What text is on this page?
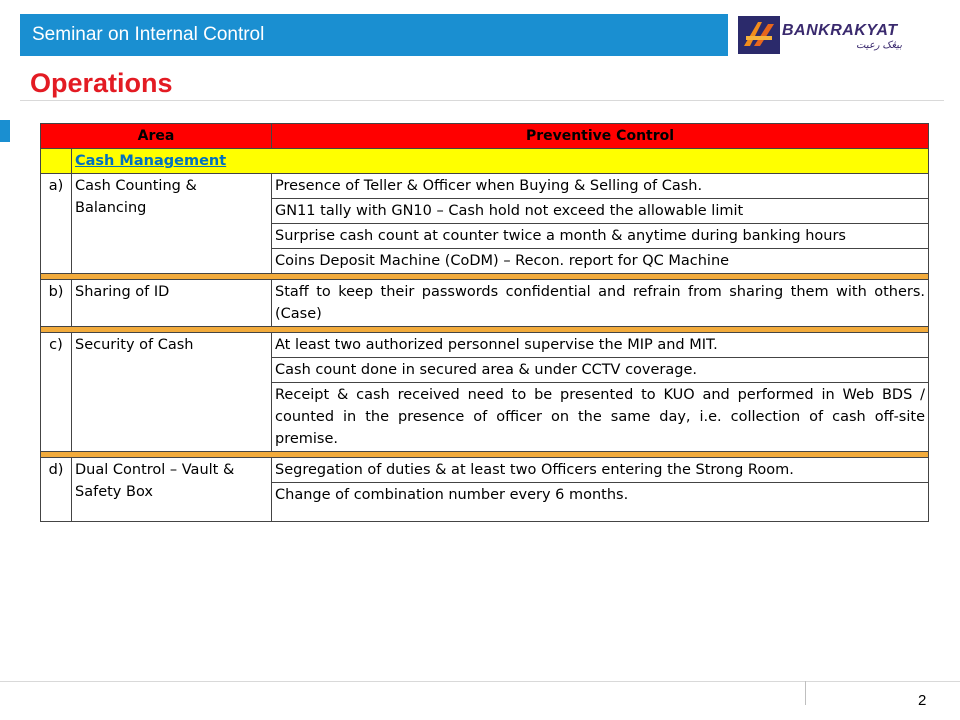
Seminar on Internal Control	BANKRAKYAT
بيڠک رعيت
Operations
Area		Preventive Control
	Cash Management	
a)	Cash Counting & Balancing	Presence of Teller & Officer when Buying & Selling of Cash.
		GN11 tally with GN10 – Cash hold not exceed the allowable limit
		Surprise cash count at counter twice a month & anytime during banking hours
		Coins Deposit Machine (CoDM) – Recon. report for QC Machine

b)	Sharing of ID	Staff to keep their passwords confidential and refrain from sharing them with others. (Case)

c)	Security of Cash	At least two authorized personnel supervise the MIP and MIT.
		Cash count done in secured area & under CCTV coverage.
		Receipt & cash received need to be presented to KUO and performed in Web BDS / counted in the presence of officer on the same day, i.e. collection of cash off-site premise.

d)	Dual Control – Vault & Safety Box	Segregation of duties & at least two Officers entering the Strong Room.
		Change of combination number every 6 months.
2
